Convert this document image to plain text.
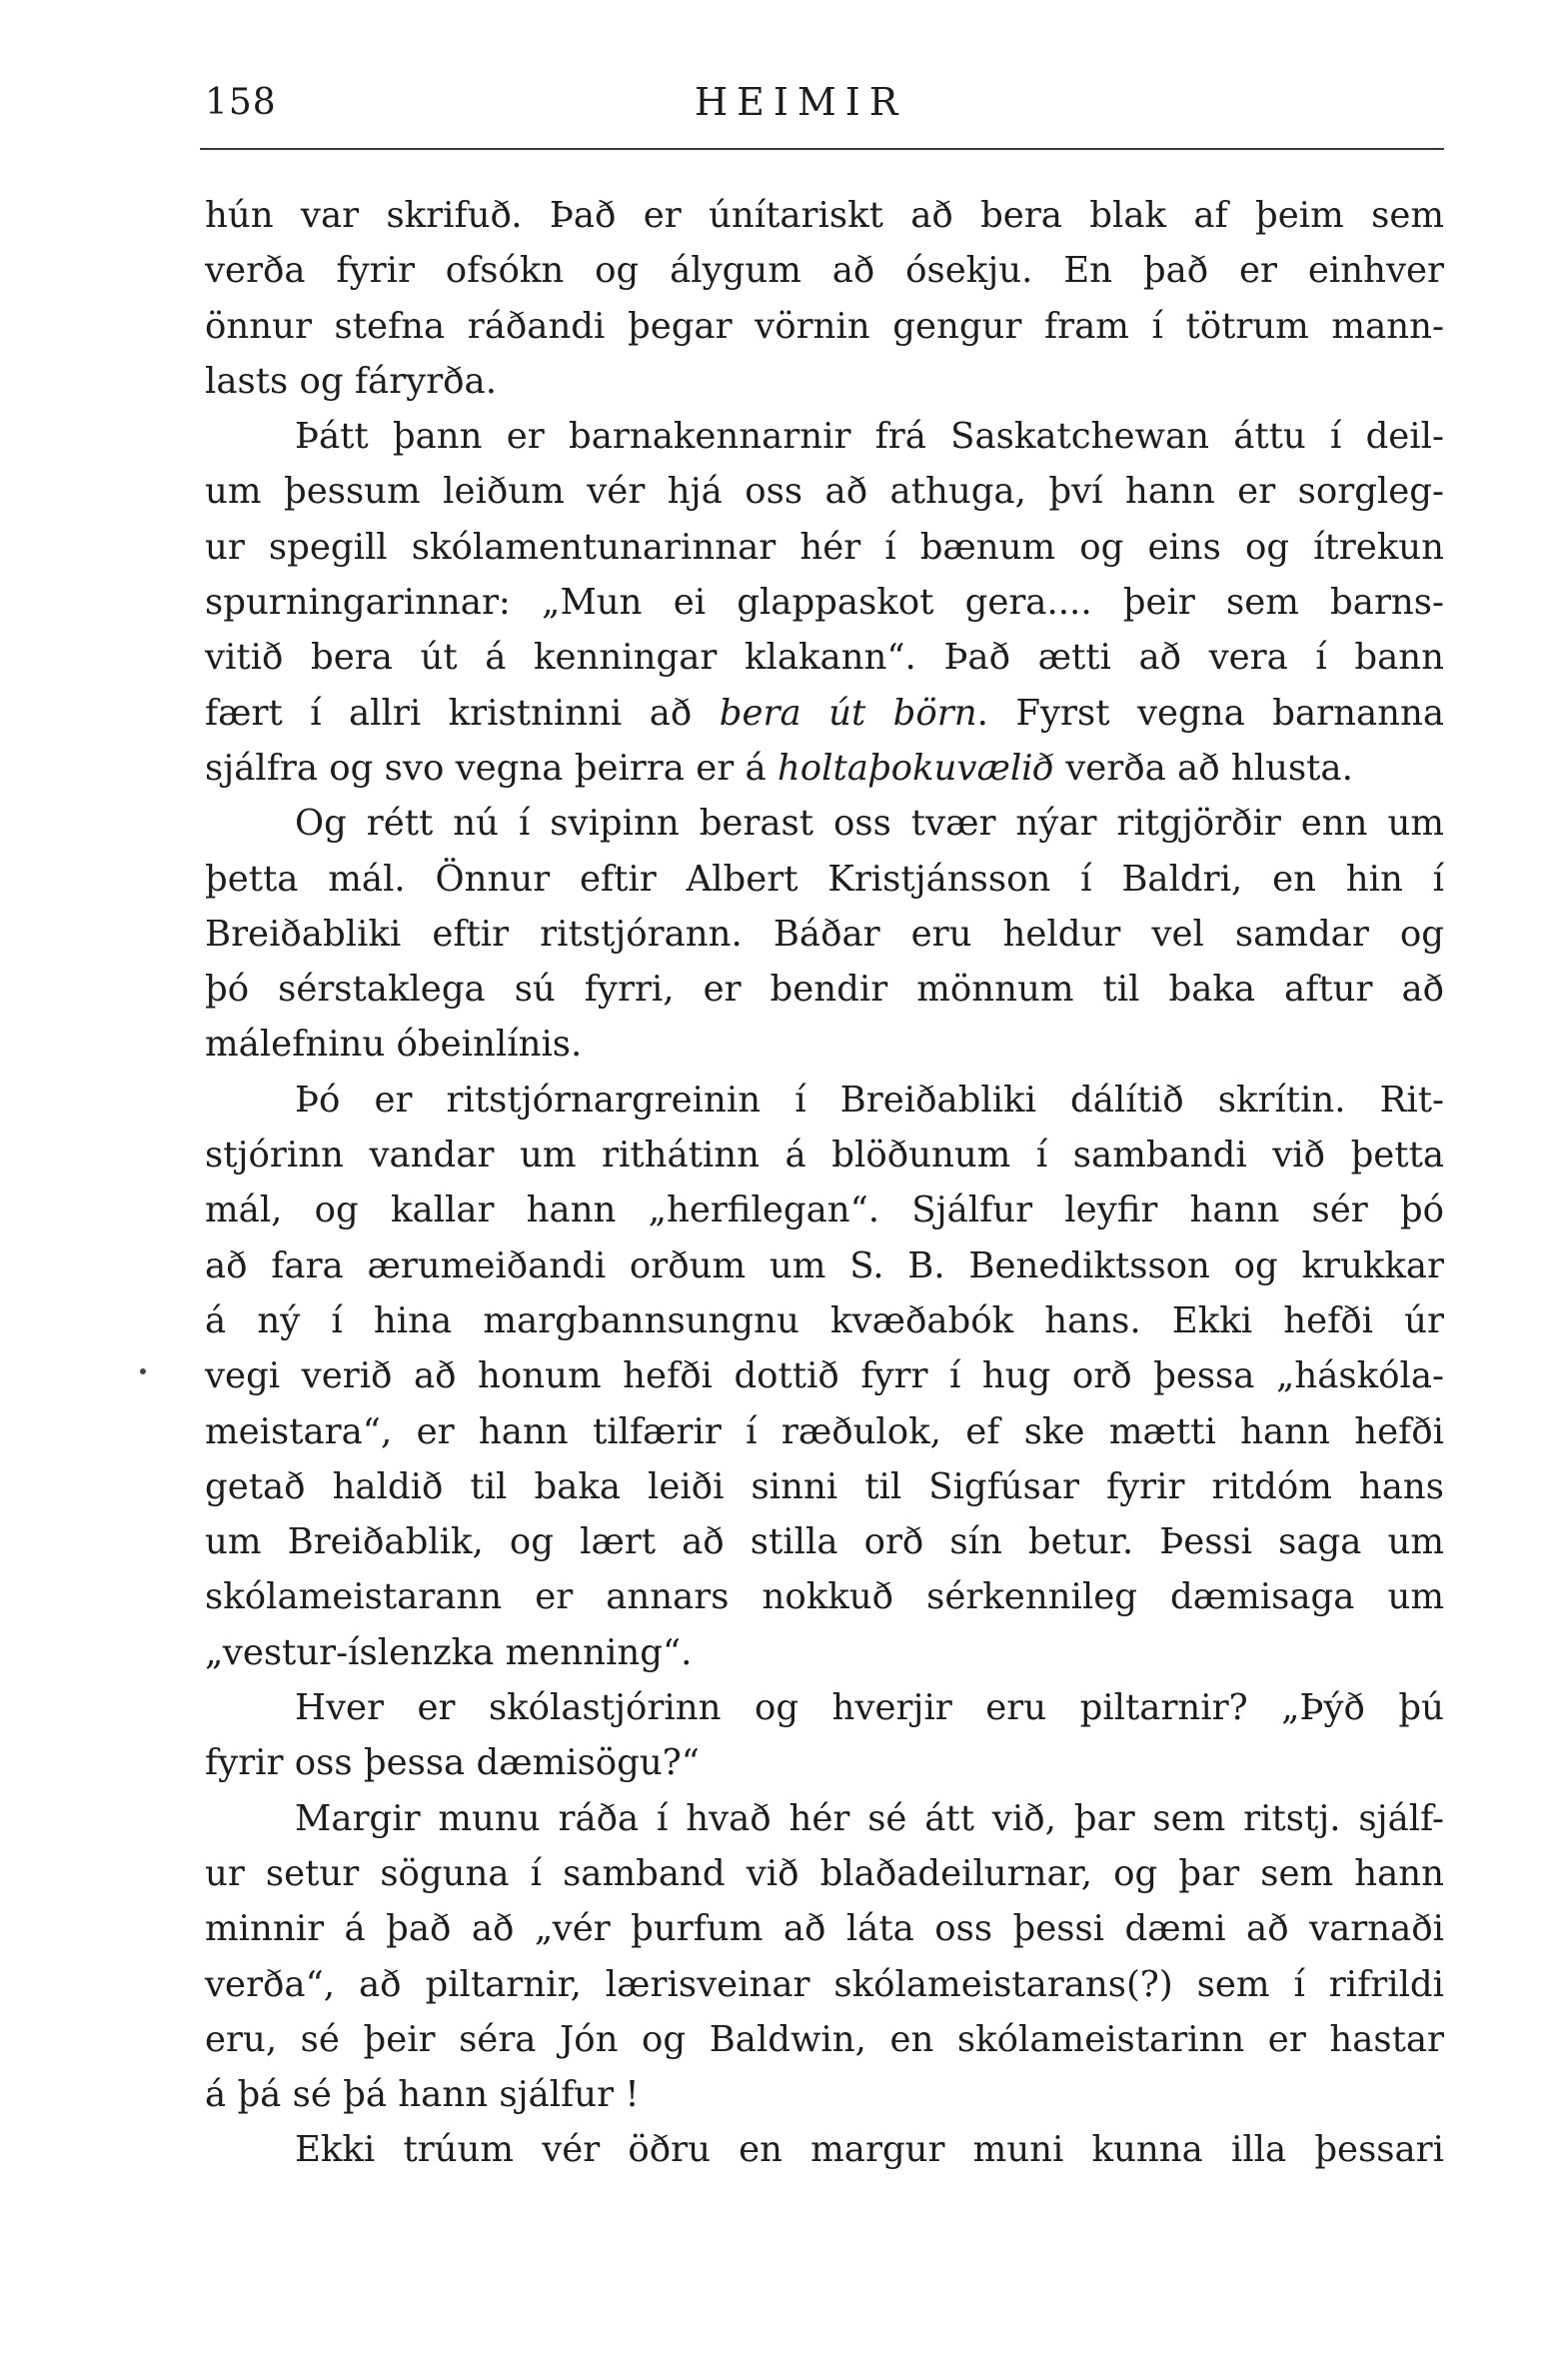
158	HEIMIR
hún var skrifuð. Það er únítariskt að bera blak af þeim sem
verða fyrir ofsókn og álygum að ósekju. En það er einhver
önnur stefna ráðandi þegar vörnin gengur fram í tötrum mann-
lasts og fáryrða.
Þátt þann er barnakennarnir frá Saskatchewan áttu í deil-
um þessum leiðum vér hjá oss að athuga, því hann er sorgleg-
ur spegill skólamentunarinnar hér í bænum og eins og ítrekun
spurningarinnar: „Mun ei glappaskot gera.... þeir sem barns-
vitið bera út á kenningar klakann“. Það ætti að vera í bann
fært í allri kristninni að bera út börn. Fyrst vegna barnanna
sjálfra og svo vegna þeirra er á holtaþokuvælið verða að hlusta.
Og rétt nú í svipinn berast oss tvær nýar ritgjörðir enn um
þetta mál. Önnur eftir Albert Kristjánsson í Baldri, en hin í
Breiðabliki eftir ritstjórann. Báðar eru heldur vel samdar og
þó sérstaklega sú fyrri, er bendir mönnum til baka aftur að
málefninu óbeinlínis.
Þó er ritstjórnargreinin í Breiðabliki dálítið skrítin. Rit-
stjórinn vandar um rithátinn á blöðunum í sambandi við þetta
mál, og kallar hann „herfilegan“. Sjálfur leyfir hann sér þó
að fara ærumeiðandi orðum um S. B. Benediktsson og krukkar
á ný í hina margbannsungnu kvæðabók hans. Ekki hefði úr
vegi verið að honum hefði dottið fyrr í hug orð þessa „háskóla-
meistara“, er hann tilfærir í ræðulok, ef ske mætti hann hefði
getað haldið til baka leiði sinni til Sigfúsar fyrir ritdóm hans
um Breiðablik, og lært að stilla orð sín betur. Þessi saga um
skólameistarann er annars nokkuð sérkennileg dæmisaga um
„vestur-íslenzka menning“.
Hver er skólastjórinn og hverjir eru piltarnir? „Þýð þú
fyrir oss þessa dæmisögu?“
Margir munu ráða í hvað hér sé átt við, þar sem ritstj. sjálf-
ur setur söguna í samband við blaðadeilurnar, og þar sem hann
minnir á það að „vér þurfum að láta oss þessi dæmi að varnaði
verða“, að piltarnir, lærisveinar skólameistarans(?) sem í rifrildi
eru, sé þeir séra Jón og Baldwin, en skólameistarinn er hastar
á þá sé þá hann sjálfur !
Ekki trúum vér öðru en margur muni kunna illa þessari
